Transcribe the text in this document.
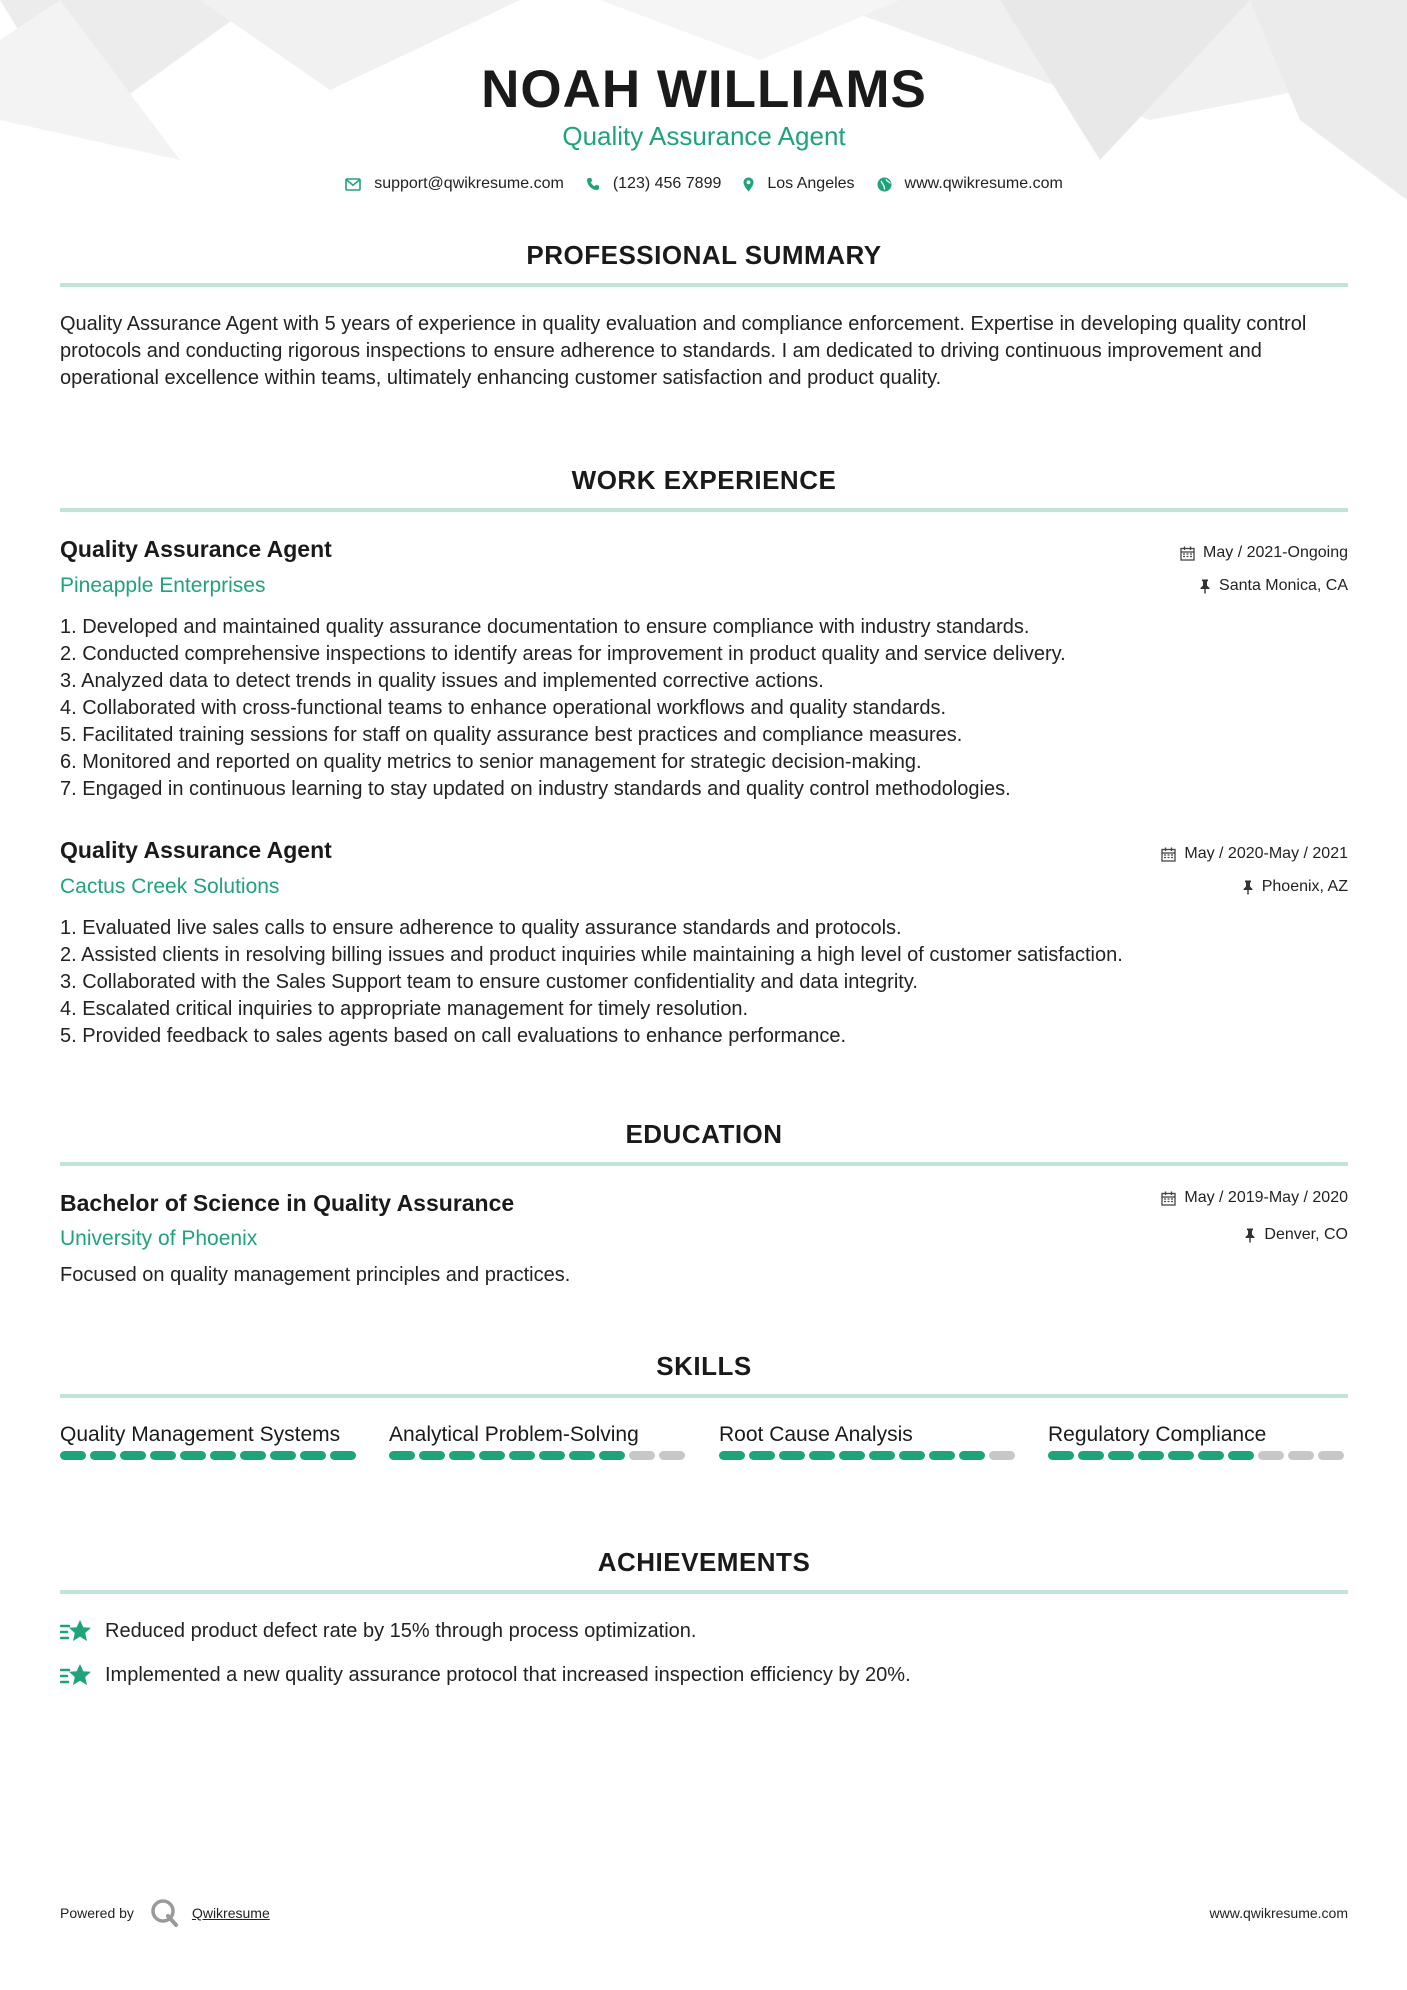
NOAH WILLIAMS
Quality Assurance Agent
support@qwikresume.com	(123) 456 7899	Los Angeles	www.qwikresume.com
PROFESSIONAL SUMMARY
Quality Assurance Agent with 5 years of experience in quality evaluation and compliance enforcement. Expertise in developing quality control protocols and conducting rigorous inspections to ensure adherence to standards. I am dedicated to driving continuous improvement and operational excellence within teams, ultimately enhancing customer satisfaction and product quality.
WORK EXPERIENCE
Quality Assurance Agent	May / 2021-Ongoing
Pineapple Enterprises	Santa Monica, CA
1. Developed and maintained quality assurance documentation to ensure compliance with industry standards.
2. Conducted comprehensive inspections to identify areas for improvement in product quality and service delivery.
3. Analyzed data to detect trends in quality issues and implemented corrective actions.
4. Collaborated with cross-functional teams to enhance operational workflows and quality standards.
5. Facilitated training sessions for staff on quality assurance best practices and compliance measures.
6. Monitored and reported on quality metrics to senior management for strategic decision-making.
7. Engaged in continuous learning to stay updated on industry standards and quality control methodologies.
Quality Assurance Agent	May / 2020-May / 2021
Cactus Creek Solutions	Phoenix, AZ
1. Evaluated live sales calls to ensure adherence to quality assurance standards and protocols.
2. Assisted clients in resolving billing issues and product inquiries while maintaining a high level of customer satisfaction.
3. Collaborated with the Sales Support team to ensure customer confidentiality and data integrity.
4. Escalated critical inquiries to appropriate management for timely resolution.
5. Provided feedback to sales agents based on call evaluations to enhance performance.
EDUCATION
Bachelor of Science in Quality Assurance	May / 2019-May / 2020
University of Phoenix	Denver, CO
Focused on quality management principles and practices.
SKILLS
Quality Management Systems	Analytical Problem-Solving	Root Cause Analysis	Regulatory Compliance
ACHIEVEMENTS
Reduced product defect rate by 15% through process optimization.
Implemented a new quality assurance protocol that increased inspection efficiency by 20%.
Powered by	Qwikresume	www.qwikresume.com
